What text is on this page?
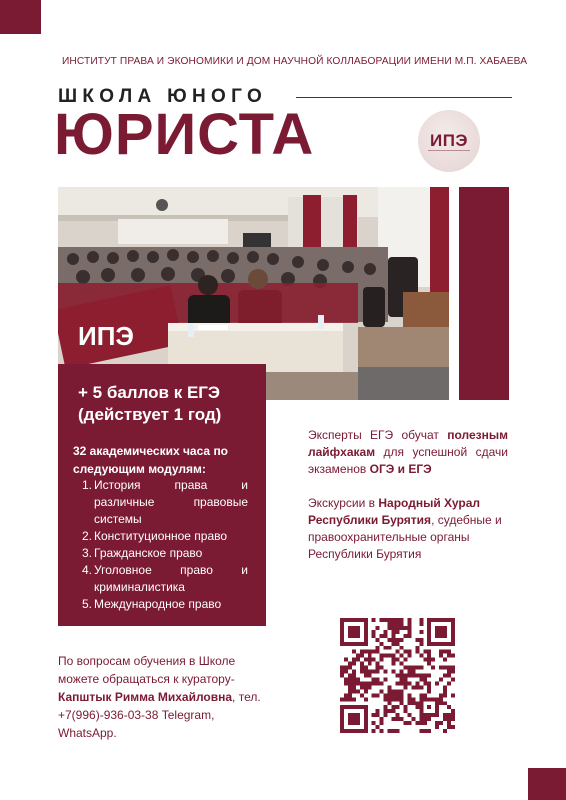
ИНСТИТУТ ПРАВА И ЭКОНОМИКИ И ДОМ НАУЧНОЙ КОЛЛАБОРАЦИИ ИМЕНИ М.П. ХАБАЕВА
ШКОЛА ЮНОГО
ЮРИСТА	ИПЭ
ИПЭ
+ 5 баллов к ЕГЭ
(действует 1 год)
32 академических часа по следующим модулям:
1. История права и
различные правовые
системы
2. Конституционное право
3. Гражданское право
4. Уголовное право и
криминалистика
5. Международное право
Эксперты ЕГЭ обучат полезным лайфхакам для успешной сдачи экзаменов ОГЭ и ЕГЭ
Экскурсии в Народный Хурал Республики Бурятия, судебные и правоохранительные органы Республики Бурятия
По вопросам обучения в Школе можете обращаться к куратору- Капштык Римма Михайловна, тел. +7(996)-936-03-38 Telegram, WhatsApp.
